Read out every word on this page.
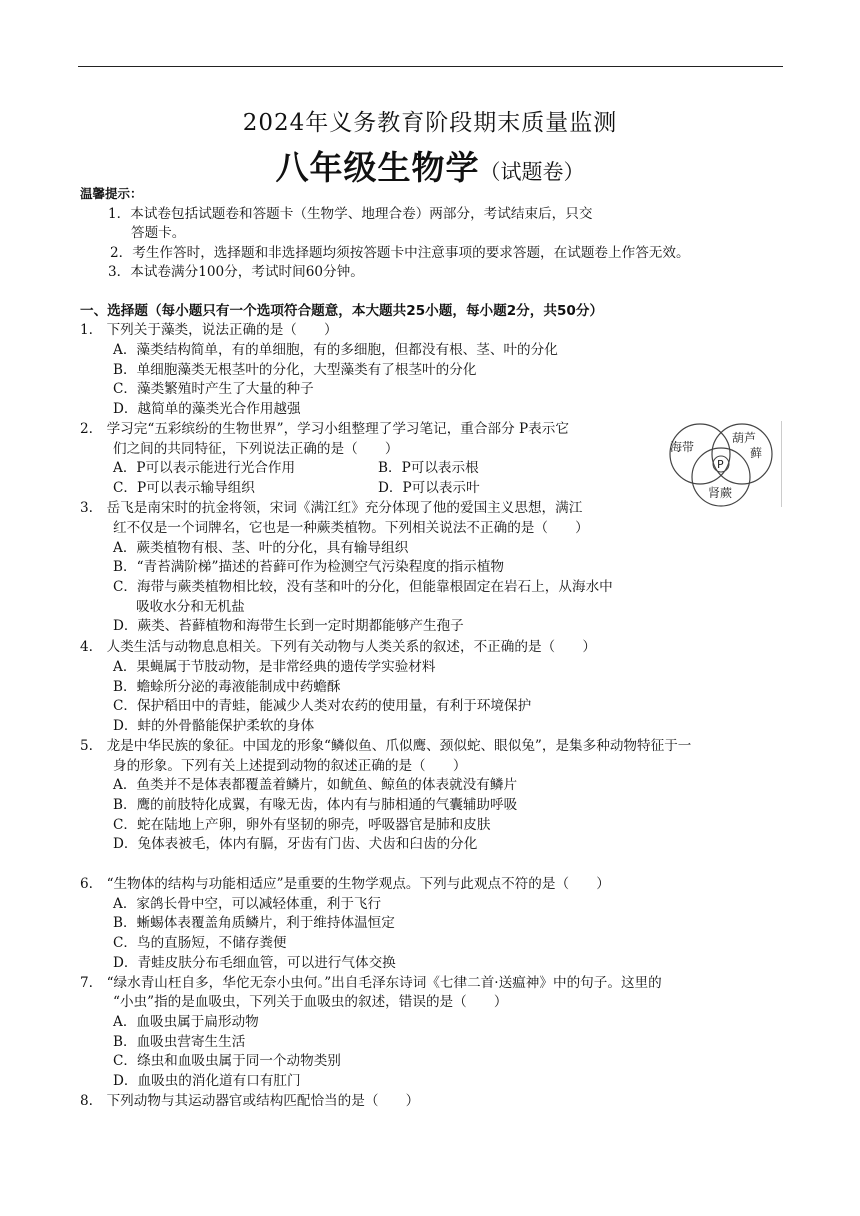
2024年义务教育阶段期末质量监测
八年级生物学（试题卷）
温馨提示：
1．本试卷包括试题卷和答题卡（生物学、地理合卷）两部分，考试结束后，只交
答题卡。
2．考生作答时，选择题和非选择题均须按答题卡中注意事项的要求答题，在试题卷上作答无效。
3．本试卷满分100分，考试时间60分钟。
一、选择题（每小题只有一个选项符合题意，本大题共25小题，每小题2分，共50分）
1.　下列关于藻类，说法正确的是（　　）
A．藻类结构简单，有的单细胞，有的多细胞，但都没有根、茎、叶的分化
B．单细胞藻类无根茎叶的分化，大型藻类有了根茎叶的分化
C．藻类繁殖时产生了大量的种子
D．越简单的藻类光合作用越强
2.　学习完“五彩缤纷的生物世界”，学习小组整理了学习笔记，重合部分 P表示它
们之间的共同特征，下列说法正确的是（　　）
A．P可以表示能进行光合作用	B．P可以表示根
C．P可以表示输导组织	D．P可以表示叶
海带
葫芦
藓
肾蕨
P
3.　岳飞是南宋时的抗金将领，宋词《满江红》充分体现了他的爱国主义思想，满江
红不仅是一个词牌名，它也是一种蕨类植物。下列相关说法不正确的是（　　）
A．蕨类植物有根、茎、叶的分化，具有输导组织
B．“青苔满阶梯”描述的苔藓可作为检测空气污染程度的指示植物
C．海带与蕨类植物相比较，没有茎和叶的分化，但能靠根固定在岩石上，从海水中
吸收水分和无机盐
D．蕨类、苔藓植物和海带生长到一定时期都能够产生孢子
4.　人类生活与动物息息相关。下列有关动物与人类关系的叙述，不正确的是（　　）
A．果蝇属于节肢动物，是非常经典的遗传学实验材料
B．蟾蜍所分泌的毒液能制成中药蟾酥
C．保护稻田中的青蛙，能减少人类对农药的使用量，有利于环境保护
D．蚌的外骨骼能保护柔软的身体
5.　龙是中华民族的象征。中国龙的形象“鳞似鱼、爪似鹰、颈似蛇、眼似兔”，是集多种动物特征于一
身的形象。下列有关上述提到动物的叙述正确的是（　　）
A．鱼类并不是体表都覆盖着鳞片，如鱿鱼、鲸鱼的体表就没有鳞片
B．鹰的前肢特化成翼，有喙无齿，体内有与肺相通的气囊辅助呼吸
C．蛇在陆地上产卵，卵外有坚韧的卵壳，呼吸器官是肺和皮肤
D．兔体表被毛，体内有膈，牙齿有门齿、犬齿和臼齿的分化
6.　“生物体的结构与功能相适应”是重要的生物学观点。下列与此观点不符的是（　　）
A．家鸽长骨中空，可以减轻体重，利于飞行
B．蜥蜴体表覆盖角质鳞片，利于维持体温恒定
C．鸟的直肠短，不储存粪便
D．青蛙皮肤分布毛细血管，可以进行气体交换
7.　“绿水青山枉自多，华佗无奈小虫何。”出自毛泽东诗词《七律二首·送瘟神》中的句子。这里的
“小虫”指的是血吸虫，下列关于血吸虫的叙述，错误的是（　　）
A．血吸虫属于扁形动物
B．血吸虫营寄生生活
C．绦虫和血吸虫属于同一个动物类别
D．血吸虫的消化道有口有肛门
8.　下列动物与其运动器官或结构匹配恰当的是（　　）
